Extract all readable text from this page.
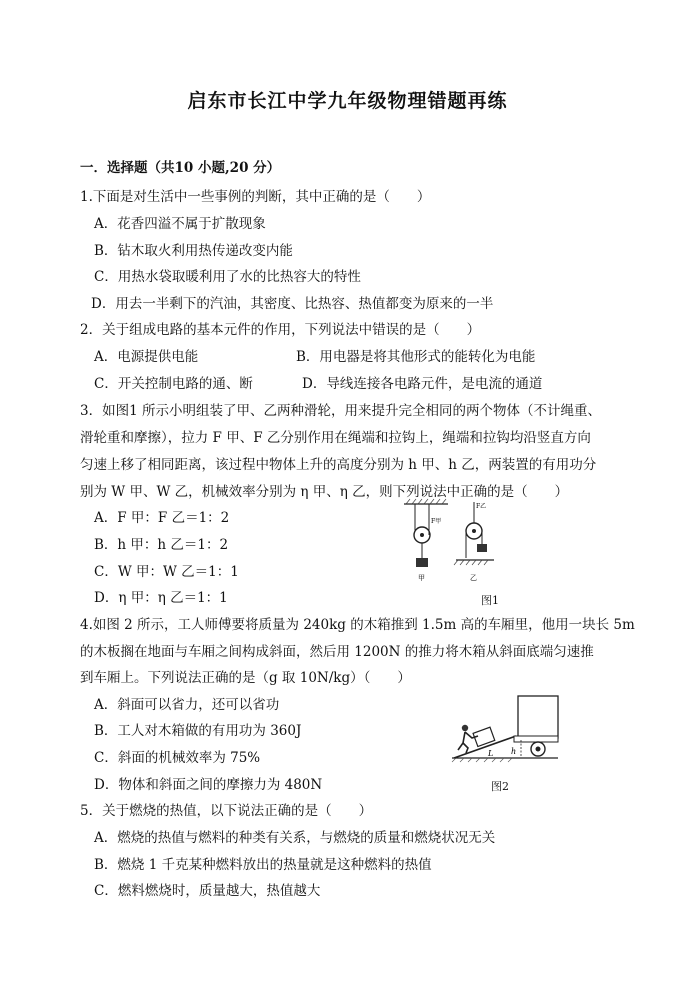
启东市长江中学九年级物理错题再练
一．选择题（共10 小题,20 分）
1.下面是对生活中一些事例的判断，其中正确的是（　　）
A．花香四溢不属于扩散现象
B．钻木取火利用热传递改变内能
C．用热水袋取暖利用了水的比热容大的特性
D．用去一半剩下的汽油，其密度、比热容、热值都变为原来的一半
2．关于组成电路的基本元件的作用，下列说法中错误的是（　　）
A．电源提供电能	B．用电器是将其他形式的能转化为电能
C．开关控制电路的通、断	D．导线连接各电路元件，是电流的通道
3．如图1 所示小明组装了甲、乙两种滑轮，用来提升完全相同的两个物体（不计绳重、
滑轮重和摩擦），拉力 F 甲、F 乙分别作用在绳端和拉钩上，绳端和拉钩均沿竖直方向
匀速上移了相同距离，该过程中物体上升的高度分别为 h 甲、h 乙，两装置的有用功分
别为 W 甲、W 乙，机械效率分别为 η 甲、η 乙，则下列说法中正确的是（　　）
A．F 甲：F 乙＝1：2
B．h 甲：h 乙＝1：2
C．W 甲：W 乙＝1：1
D．η 甲：η 乙＝1：1
F甲
F乙
甲	乙
图1
4.如图 2 所示，工人师傅要将质量为 240kg 的木箱推到 1.5m 高的车厢里，他用一块长 5m
的木板搁在地面与车厢之间构成斜面，然后用 1200N 的推力将木箱从斜面底端匀速推
到车厢上。下列说法正确的是（g 取 10N/kg）（　　）
A．斜面可以省力，还可以省功
B．工人对木箱做的有用功为 360J
C．斜面的机械效率为 75%
D．物体和斜面之间的摩擦力为 480N
L h
图2
5．关于燃烧的热值，以下说法正确的是（　　）
A．燃烧的热值与燃料的种类有关系，与燃烧的质量和燃烧状况无关
B．燃烧 1 千克某种燃料放出的热量就是这种燃料的热值
C．燃料燃烧时，质量越大，热值越大
